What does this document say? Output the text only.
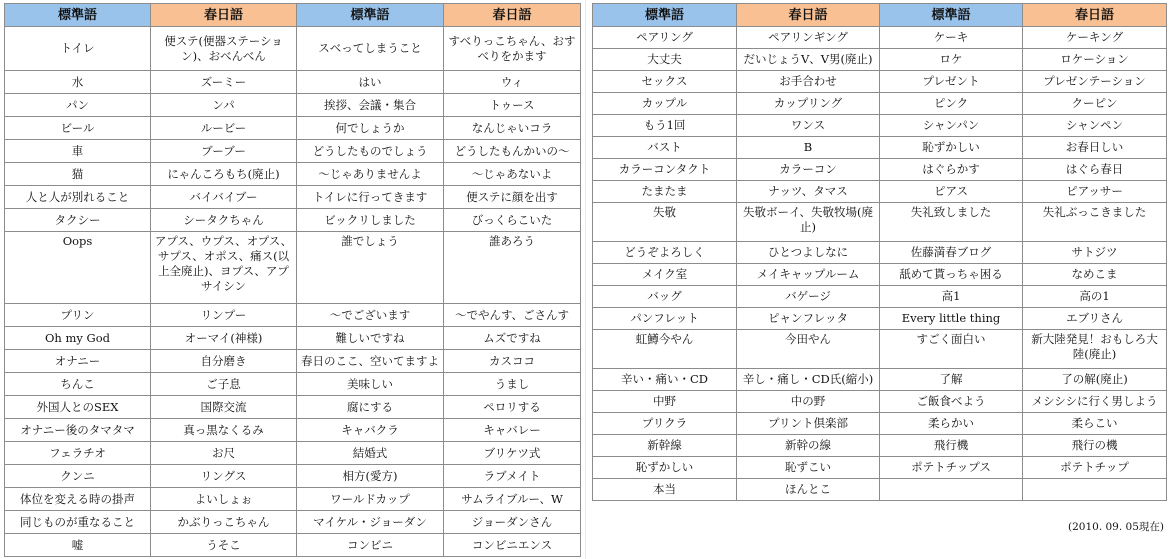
標準語	春日語	標準語	春日語
トイレ	便ステ(便器ステーション)、おべんべん	スベってしまうこと	すべりっこちゃん、おすべりをかます
水	ズーミー	はい	ウィ
パン	ンパ	挨拶、会議・集合	トゥース
ビール	ルービー	何でしょうか	なんじゃいコラ
車	ブーブー	どうしたものでしょう	どうしたもんかいの〜
猫	にゃんころもち(廃止)	〜じゃありませんよ	〜じゃあないよ
人と人が別れること	バイバイブー	トイレに行ってきます	便ステに顔を出す
タクシー	シータクちゃん	ビックリしました	びっくらこいた
Oops	アプス、ウプス、オプス、サプス、オポス、痛ス(以上全廃止)、ヨプス、アプサイシン	誰でしょう	誰あろう
プリン	リンプー	〜でございます	〜でやんす、ごさんす
Oh my God	オーマイ(神様)	難しいですね	ムズですね
オナニー	自分磨き	春日のここ、空いてますよ	カスココ
ちんこ	ご子息	美味しい	うまし
外国人とのSEX	国際交流	腐にする	ペロリする
オナニー後のタマタマ	真っ黒なくるみ	キャバクラ	キャバレー
フェラチオ	お尺	結婚式	ブリケツ式
クンニ	リングス	相方(愛方)	ラブメイト
体位を変える時の掛声	よいしょぉ	ワールドカップ	サムライブルー、W
同じものが重なること	かぶりっこちゃん	マイケル・ジョーダン	ジョーダンさん
嘘	うそこ	コンビニ	コンビニエンス
標準語	春日語	標準語	春日語
ペアリング	ペアリンギング	ケーキ	ケーキング
大丈夫	だいじょうV、V男(廃止)	ロケ	ロケーション
セックス	お手合わせ	プレゼント	プレゼンテーション
カップル	カップリング	ピンク	クーピン
もう1回	ワンス	シャンパン	シャンペン
バスト	B	恥ずかしい	お春日しい
カラーコンタクト	カラーコン	はぐらかす	はぐら春日
たまたま	ナッツ、タマス	ピアス	ピアッサー
失敬	失敬ボーイ、失敬牧場(廃止)	失礼致しました	失礼ぶっこきました
どうぞよろしく	ひとつよしなに	佐藤満春ブログ	サトジツ
メイク室	メイキャップルーム	舐めて貰っちゃ困る	なめこま
バッグ	バゲージ	高1	高の1
パンフレット	ピャンフレッタ	Every little thing	エブリさん
虹鱒今やん	今田やん	すごく面白い	新大陸発見！おもしろ大陸(廃止)
辛い・痛い・CD	辛し・痛し・CD氏(縮小)	了解	了の解(廃止)
中野	中の野	ご飯食べよう	メシシシに行く男しよう
プリクラ	プリント倶楽部	柔らかい	柔らこい
新幹線	新幹の線	飛行機	飛行の機
恥ずかしい	恥ずこい	ポテトチップス	ポテトチップ
本当	ほんとこ		
(2010. 09. 05現在)
